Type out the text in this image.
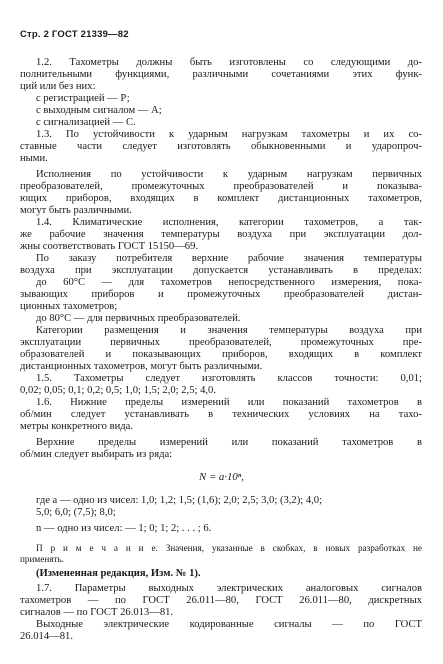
Стр. 2 ГОСТ 21339—82
1.2. Тахометры должны быть изготовлены со следующими до-
полнительными функциями, различными сочетаниями этих функ-
ций или без них:
с регистрацией — Р;
с выходным сигналом — А;
с сигнализацией — С.
1.3. По устойчивости к ударным нагрузкам тахометры и их со-
ставные части следует изготовлять обыкновенными и ударопроч-
ными.
Исполнения по устойчивости к ударным нагрузкам первичных
преобразователей, промежуточных преобразователей и показыва-
ющих приборов, входящих в комплект дистанционных тахометров,
могут быть различными.
1.4. Климатические исполнения, категории тахометров, а так-
же рабочие значения температуры воздуха при эксплуатации дол-
жны соответствовать ГОСТ 15150—69.
По заказу потребителя верхние рабочие значения температуры
воздуха при эксплуатации допускается устанавливать в пределах:
до 60°С — для тахометров непосредственного измерения, пока-
зывающих приборов и промежуточных преобразователей дистан-
ционных тахометров;
до 80°С — для первичных преобразователей.
Категории размещения и значения температуры воздуха при
эксплуатации первичных преобразователей, промежуточных пре-
образователей и показывающих приборов, входящих в комплект
дистанционных тахометров, могут быть различными.
1.5. Тахометры следует изготовлять классов точности: 0,01;
0,02; 0,05; 0,1; 0,2; 0,5; 1,0; 1,5; 2,0; 2,5; 4,0.
1.6. Нижние пределы измерений или показаний тахометров в
об/мин следует устанавливать в технических условиях на тахо-
метры конкретного вида.
Верхние пределы измерений или показаний тахометров в
об/мин следует выбирать из ряда:
где а — одно из чисел: 1,0; 1,2; 1,5; (1,6); 2,0; 2,5; 3,0; (3,2); 4,0;
5,0; 6,0; (7,5); 8,0;
n — одно из чисел: — 1; 0; 1; 2; . . . ; 6.
П р и м е ч а н и е. Значения, указанные в скобках, в новых разработках не
применять.
(Измененная редакция, Изм. № 1).
1.7. Параметры выходных электрических аналоговых сигналов
тахометров — по ГОСТ 26.011—80, ГОСТ 26.011—80, дискретных
сигналов — по ГОСТ 26.013—81.
Выходные электрические кодированные сигналы — по ГОСТ
26.014—81.
N = a·10ⁿ,
